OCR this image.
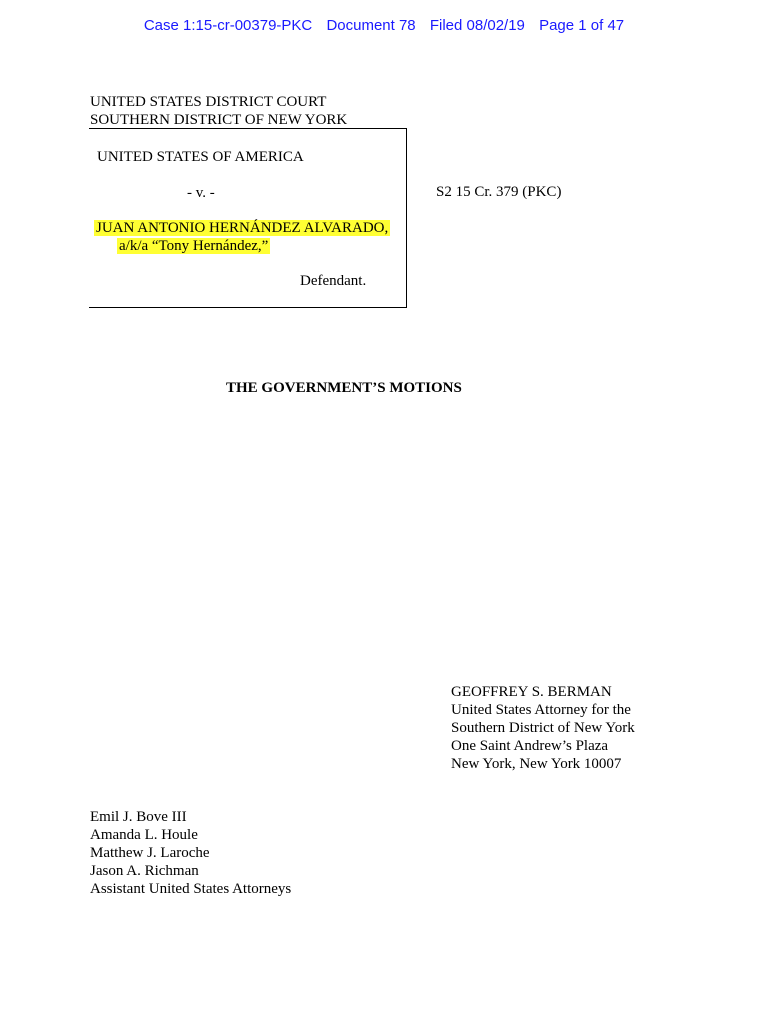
Case 1:15-cr-00379-PKC Document 78 Filed 08/02/19 Page 1 of 47
UNITED STATES DISTRICT COURT
SOUTHERN DISTRICT OF NEW YORK
UNITED STATES OF AMERICA
- v. -
JUAN ANTONIO HERNÁNDEZ ALVARADO,
a/k/a “Tony Hernández,”
Defendant.
S2 15 Cr. 379 (PKC)
THE GOVERNMENT’S MOTIONS
GEOFFREY S. BERMAN
United States Attorney for the
Southern District of New York
One Saint Andrew’s Plaza
New York, New York 10007
Emil J. Bove III
Amanda L. Houle
Matthew J. Laroche
Jason A. Richman
Assistant United States Attorneys
